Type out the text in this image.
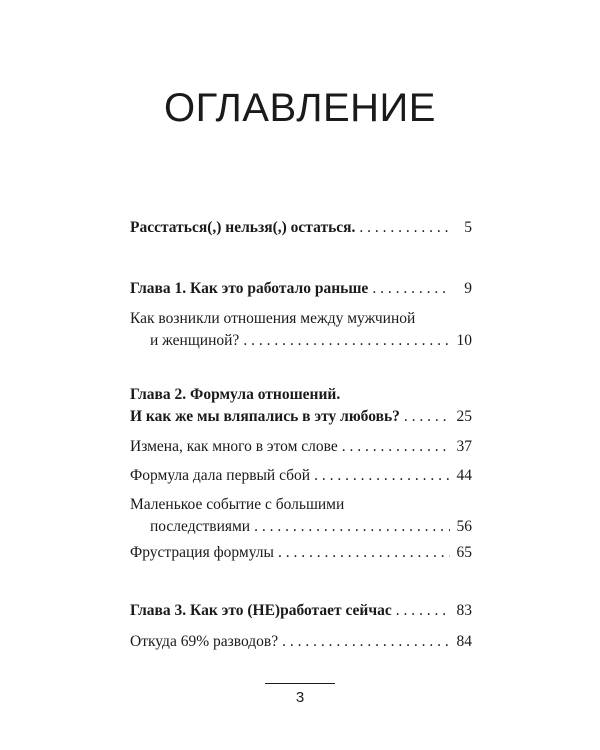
ОГЛАВЛЕНИЕ
Расстаться(,) нельзя(,) остаться. . . .	5
Глава 1. Как это работало раньше . . .	9
Как возникли отношения между мужчиной
и женщиной? . . .	10
Глава 2. Формула отношений.
И как же мы вляпались в эту любовь? . . .	25
Измена, как много в этом слове . . .	37
Формула дала первый сбой . . .	44
Маленькое событие с большими
последствиями . . .	56
Фрустрация формулы . . .	65
Глава 3. Как это (НЕ)работает сейчас . . .	83
Откуда 69% разводов? . . .	84
3
